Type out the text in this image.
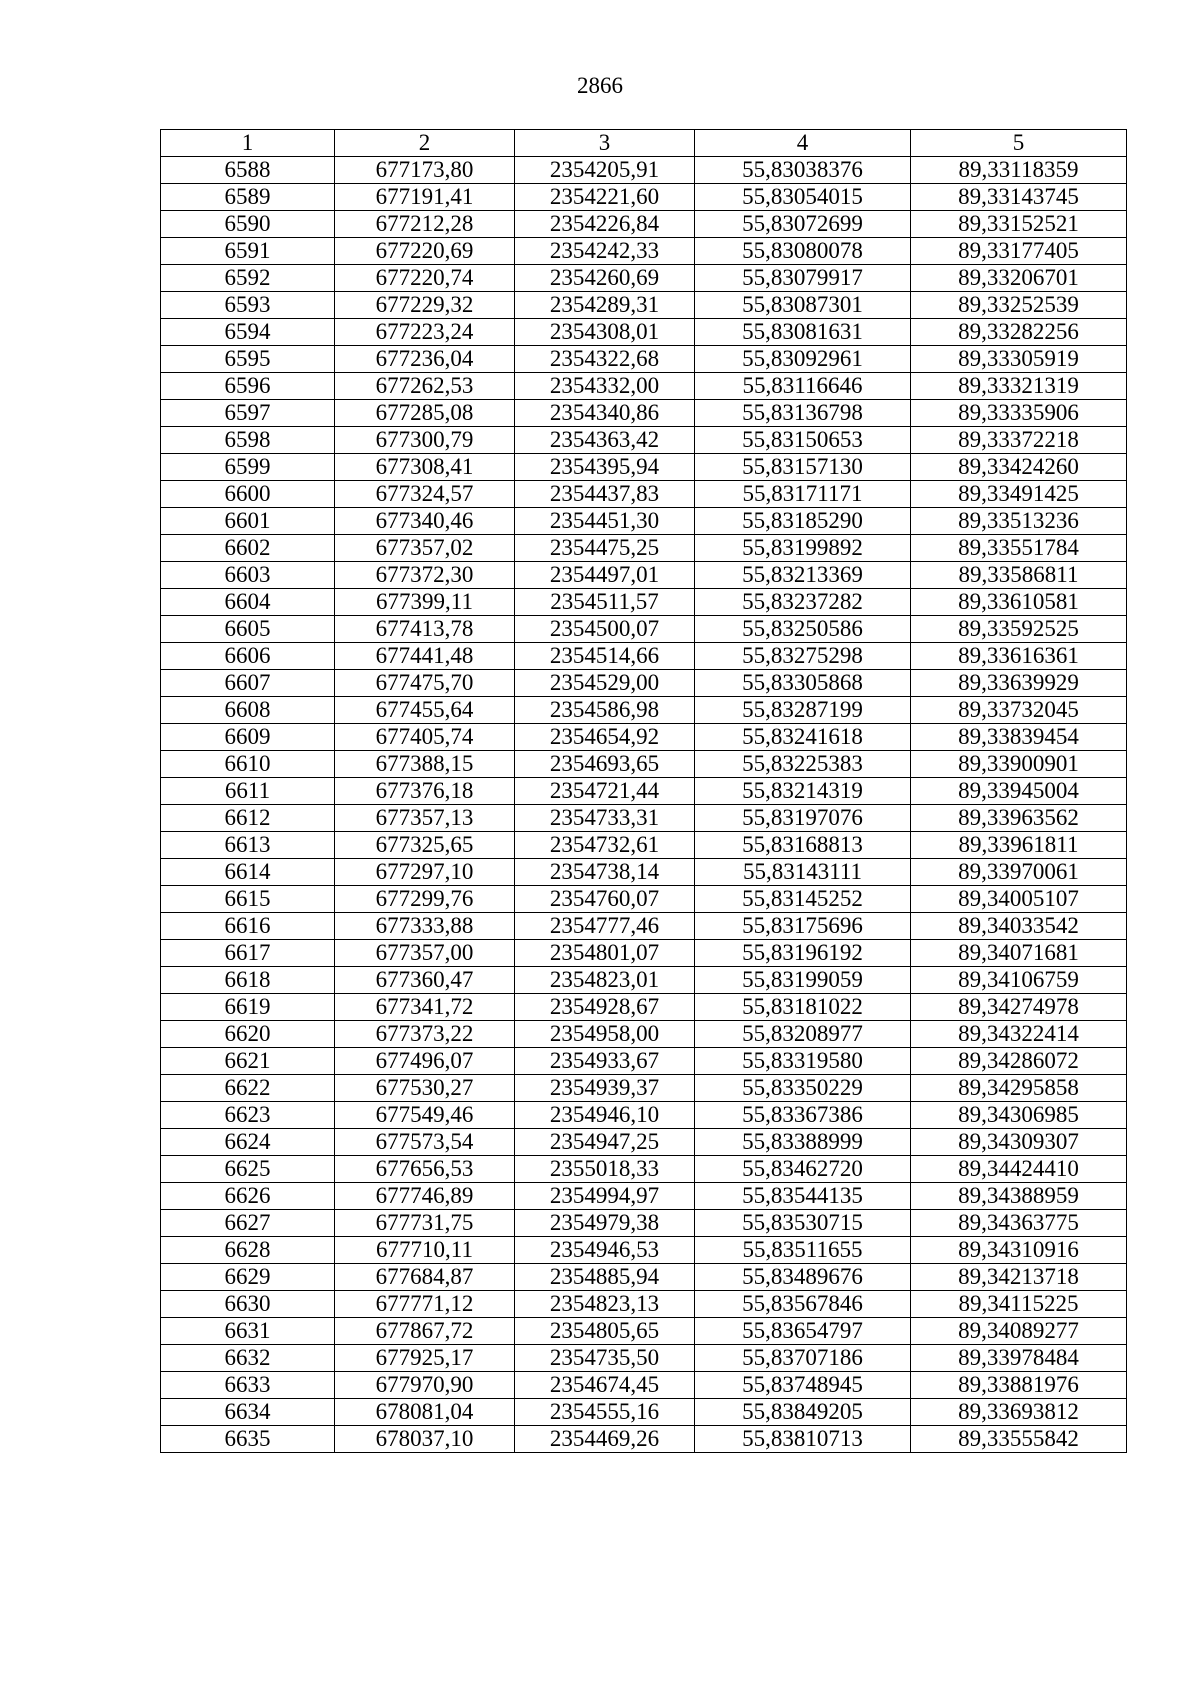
2866
1	2	3	4	5
6588	677173,80	2354205,91	55,83038376	89,33118359
6589	677191,41	2354221,60	55,83054015	89,33143745
6590	677212,28	2354226,84	55,83072699	89,33152521
6591	677220,69	2354242,33	55,83080078	89,33177405
6592	677220,74	2354260,69	55,83079917	89,33206701
6593	677229,32	2354289,31	55,83087301	89,33252539
6594	677223,24	2354308,01	55,83081631	89,33282256
6595	677236,04	2354322,68	55,83092961	89,33305919
6596	677262,53	2354332,00	55,83116646	89,33321319
6597	677285,08	2354340,86	55,83136798	89,33335906
6598	677300,79	2354363,42	55,83150653	89,33372218
6599	677308,41	2354395,94	55,83157130	89,33424260
6600	677324,57	2354437,83	55,83171171	89,33491425
6601	677340,46	2354451,30	55,83185290	89,33513236
6602	677357,02	2354475,25	55,83199892	89,33551784
6603	677372,30	2354497,01	55,83213369	89,33586811
6604	677399,11	2354511,57	55,83237282	89,33610581
6605	677413,78	2354500,07	55,83250586	89,33592525
6606	677441,48	2354514,66	55,83275298	89,33616361
6607	677475,70	2354529,00	55,83305868	89,33639929
6608	677455,64	2354586,98	55,83287199	89,33732045
6609	677405,74	2354654,92	55,83241618	89,33839454
6610	677388,15	2354693,65	55,83225383	89,33900901
6611	677376,18	2354721,44	55,83214319	89,33945004
6612	677357,13	2354733,31	55,83197076	89,33963562
6613	677325,65	2354732,61	55,83168813	89,33961811
6614	677297,10	2354738,14	55,83143111	89,33970061
6615	677299,76	2354760,07	55,83145252	89,34005107
6616	677333,88	2354777,46	55,83175696	89,34033542
6617	677357,00	2354801,07	55,83196192	89,34071681
6618	677360,47	2354823,01	55,83199059	89,34106759
6619	677341,72	2354928,67	55,83181022	89,34274978
6620	677373,22	2354958,00	55,83208977	89,34322414
6621	677496,07	2354933,67	55,83319580	89,34286072
6622	677530,27	2354939,37	55,83350229	89,34295858
6623	677549,46	2354946,10	55,83367386	89,34306985
6624	677573,54	2354947,25	55,83388999	89,34309307
6625	677656,53	2355018,33	55,83462720	89,34424410
6626	677746,89	2354994,97	55,83544135	89,34388959
6627	677731,75	2354979,38	55,83530715	89,34363775
6628	677710,11	2354946,53	55,83511655	89,34310916
6629	677684,87	2354885,94	55,83489676	89,34213718
6630	677771,12	2354823,13	55,83567846	89,34115225
6631	677867,72	2354805,65	55,83654797	89,34089277
6632	677925,17	2354735,50	55,83707186	89,33978484
6633	677970,90	2354674,45	55,83748945	89,33881976
6634	678081,04	2354555,16	55,83849205	89,33693812
6635	678037,10	2354469,26	55,83810713	89,33555842
